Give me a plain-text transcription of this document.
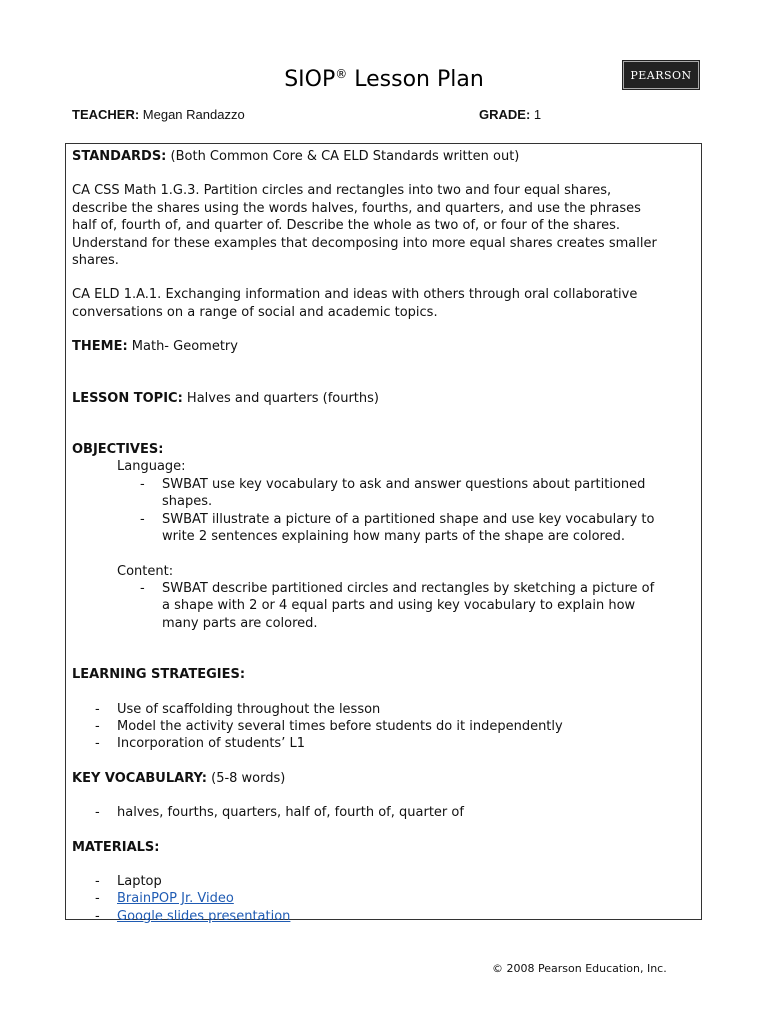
SIOP® Lesson Plan	PEARSON
TEACHER: Megan Randazzo	GRADE: 1

STANDARDS: (Both Common Core & CA ELD Standards written out)

CA CSS Math 1.G.3. Partition circles and rectangles into two and four equal shares,

describe the shares using the words halves, fourths, and quarters, and use the phrases

half of, fourth of, and quarter of. Describe the whole as two of, or four of the shares.

Understand for these examples that decomposing into more equal shares creates smaller

shares.

CA ELD 1.A.1. Exchanging information and ideas with others through oral collaborative

conversations on a range of social and academic topics.

THEME: Math- Geometry

LESSON TOPIC: Halves and quarters (fourths)

OBJECTIVES:

Language:

- SWBAT use key vocabulary to ask and answer questions about partitioned

shapes.

- SWBAT illustrate a picture of a partitioned shape and use key vocabulary to

write 2 sentences explaining how many parts of the shape are colored.

Content:

- SWBAT describe partitioned circles and rectangles by sketching a picture of

a shape with 2 or 4 equal parts and using key vocabulary to explain how

many parts are colored.

LEARNING STRATEGIES:

- Use of scaffolding throughout the lesson

- Model the activity several times before students do it independently

- Incorporation of students’ L1

KEY VOCABULARY: (5-8 words)

- halves, fourths, quarters, half of, fourth of, quarter of

MATERIALS:

- Laptop

- BrainPOP Jr. Video

- Google slides presentation

© 2008 Pearson Education, Inc.
